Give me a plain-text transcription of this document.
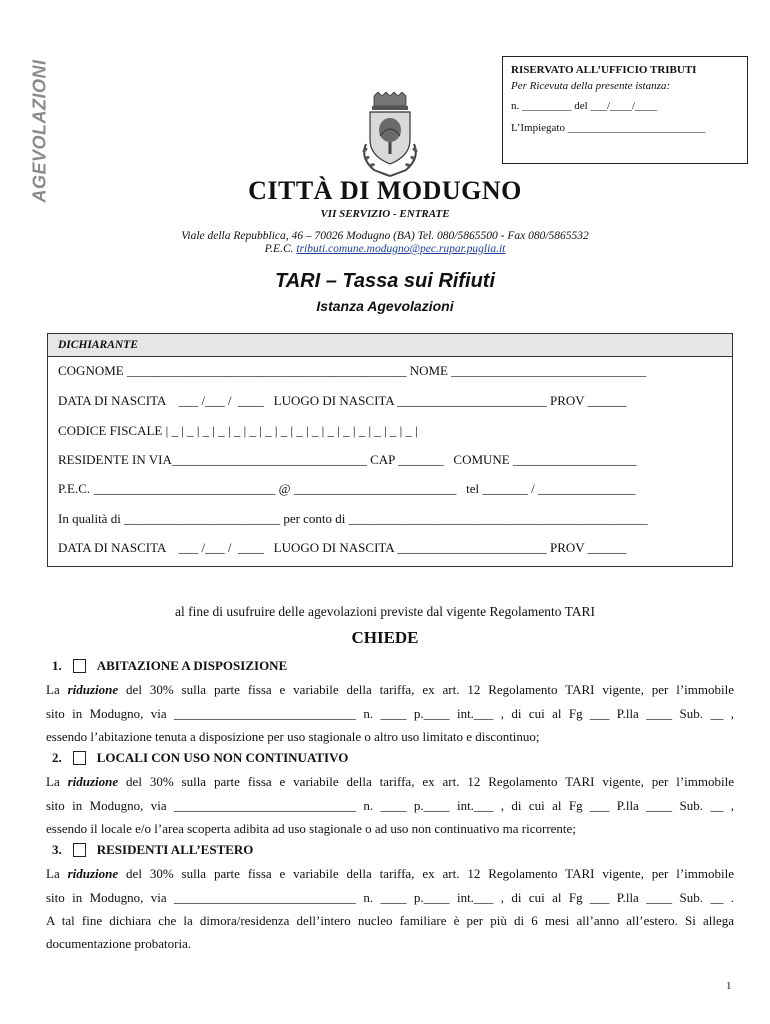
AGEVOLAZIONI	RISERVATO ALL’UFFICIO TRIBUTI
Per Ricevuta della presente istanza:
n. _________ del ___/____/____
L’Impiegato _________________________
CITTÀ DI MODUGNO
VII SERVIZIO - ENTRATE
Viale della Repubblica, 46 – 70026 Modugno (BA) Tel. 080/5865500 - Fax 080/5865532
P.E.C. tributi.comune.modugno@pec.rupar.puglia.it
TARI – Tassa sui Rifiuti
Istanza Agevolazioni
DICHIARANTE
COGNOME ___________________________________________ NOME ______________________________
DATA DI NASCITA    ___ /___ /  ____   LUOGO DI NASCITA _______________________ PROV ______
CODICE FISCALE | _ | _ | _ | _ | _ | _ | _ | _ | _ | _ | _ | _ | _ | _ | _ | _ |
RESIDENTE IN VIA______________________________ CAP _______   COMUNE ___________________
P.E.C. ____________________________ @ _________________________   tel _______ / _______________
In qualità di ________________________ per conto di ______________________________________________
DATA DI NASCITA    ___ /___ /  ____   LUOGO DI NASCITA _______________________ PROV ______
al fine di usufruire delle agevolazioni previste dal vigente Regolamento TARI
CHIEDE
1.	ABITAZIONE A DISPOSIZIONE
La riduzione del 30% sulla parte fissa e variabile della tariffa, ex art. 12 Regolamento TARI vigente, per l’immobile
sito in Modugno, via ____________________________ n. ____ p.____ int.___ , di cui al Fg ___ P.lla ____ Sub. __ ,
essendo l’abitazione tenuta a disposizione per uso stagionale o altro uso limitato e discontinuo;
2.	LOCALI CON USO NON CONTINUATIVO
La riduzione del 30% sulla parte fissa e variabile della tariffa, ex art. 12 Regolamento TARI vigente, per l’immobile
sito in Modugno, via ____________________________ n. ____ p.____ int.___ , di cui al Fg ___ P.lla ____ Sub. __ ,
essendo il locale e/o l’area scoperta adibita ad uso stagionale o ad uso non continuativo ma ricorrente;
3.	RESIDENTI ALL’ESTERO
La riduzione del 30% sulla parte fissa e variabile della tariffa, ex art. 12 Regolamento TARI vigente, per l’immobile
sito in Modugno, via ____________________________ n. ____ p.____ int.___ , di cui al Fg ___ P.lla ____ Sub. __ .
A tal fine dichiara che la dimora/residenza dell’intero nucleo familiare è per più di 6 mesi all’anno all’estero. Si allega
documentazione probatoria.
1
